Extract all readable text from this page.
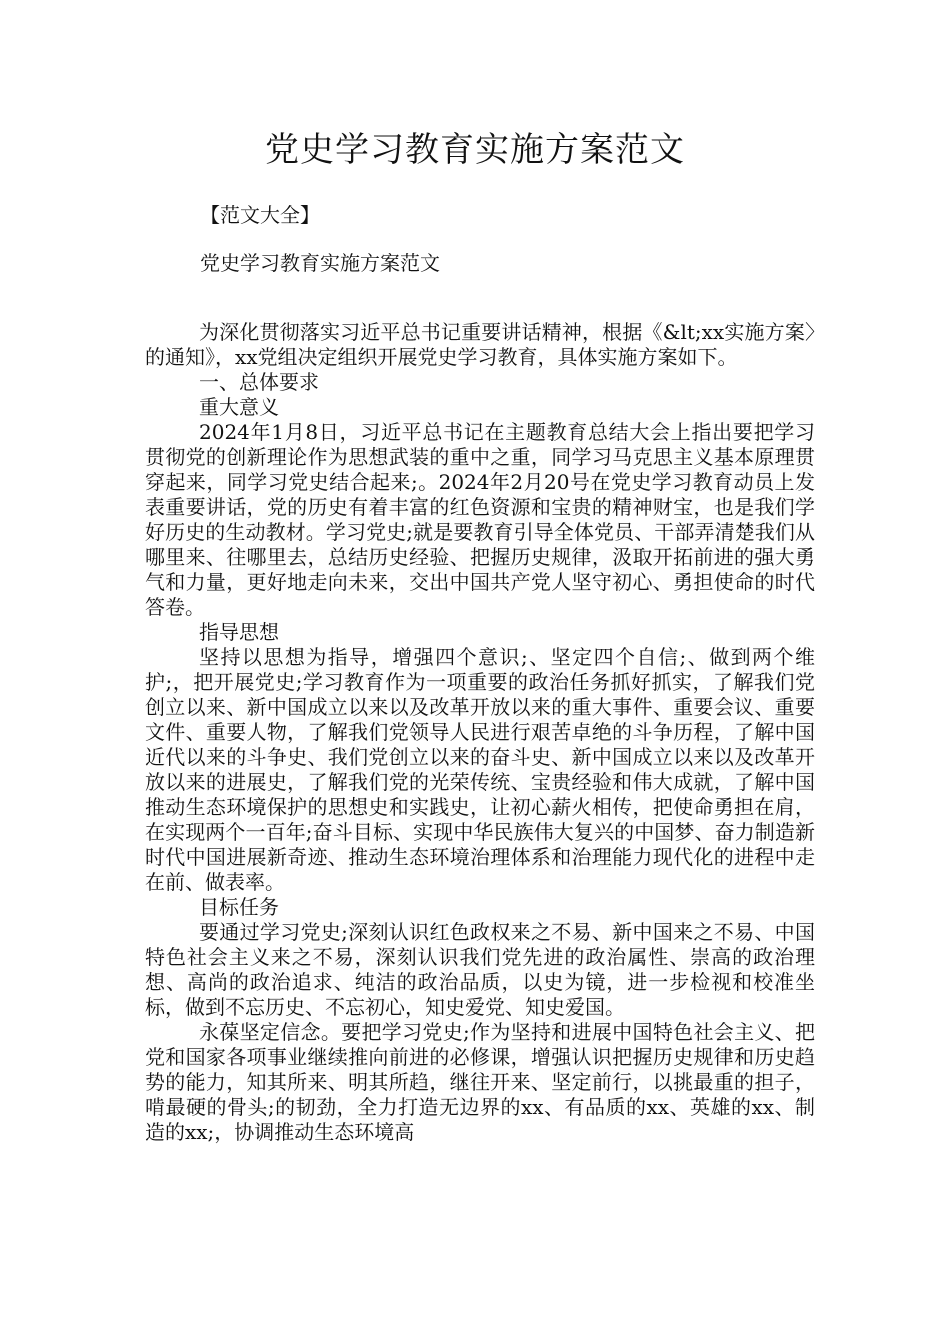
党史学习教育实施方案范文
【范文大全】
党史学习教育实施方案范文

为深化贯彻落实习近平总书记重要讲话精神，根据《&lt;xx实施方案〉的通知》，xx党组决定组织开展党史学习教育，具体实施方案如下。

一、总体要求

重大意义

2024年1月8日，习近平总书记在主题教育总结大会上指出要把学习贯彻党的创新理论作为思想武装的重中之重，同学习马克思主义基本原理贯穿起来，同学习党史结合起来;。2024年2月20号在党史学习教育动员上发表重要讲话，党的历史有着丰富的红色资源和宝贵的精神财宝，也是我们学好历史的生动教材。学习党史;就是要教育引导全体党员、干部弄清楚我们从哪里来、往哪里去，总结历史经验、把握历史规律，汲取开拓前进的强大勇气和力量，更好地走向未来，交出中国共产党人坚守初心、勇担使命的时代答卷。

指导思想

坚持以思想为指导，增强四个意识;、坚定四个自信;、做到两个维护;，把开展党史;学习教育作为一项重要的政治任务抓好抓实，了解我们党创立以来、新中国成立以来以及改革开放以来的重大事件、重要会议、重要文件、重要人物，了解我们党领导人民进行艰苦卓绝的斗争历程，了解中国近代以来的斗争史、我们党创立以来的奋斗史、新中国成立以来以及改革开放以来的进展史，了解我们党的光荣传统、宝贵经验和伟大成就，了解中国推动生态环境保护的思想史和实践史，让初心薪火相传，把使命勇担在肩，在实现两个一百年;奋斗目标、实现中华民族伟大复兴的中国梦、奋力制造新时代中国进展新奇迹、推动生态环境治理体系和治理能力现代化的进程中走在前、做表率。

目标任务

要通过学习党史;深刻认识红色政权来之不易、新中国来之不易、中国特色社会主义来之不易，深刻认识我们党先进的政治属性、崇高的政治理想、高尚的政治追求、纯洁的政治品质，以史为镜，进一步检视和校准坐标，做到不忘历史、不忘初心，知史爱党、知史爱国。

永葆坚定信念。要把学习党史;作为坚持和进展中国特色社会主义、把党和国家各项事业继续推向前进的必修课，增强认识把握历史规律和历史趋势的能力，知其所来、明其所趋，继往开来、坚定前行，以挑最重的担子，啃最硬的骨头;的韧劲，全力打造无边界的xx、有品质的xx、英雄的xx、制造的xx;，协调推动生态环境高
